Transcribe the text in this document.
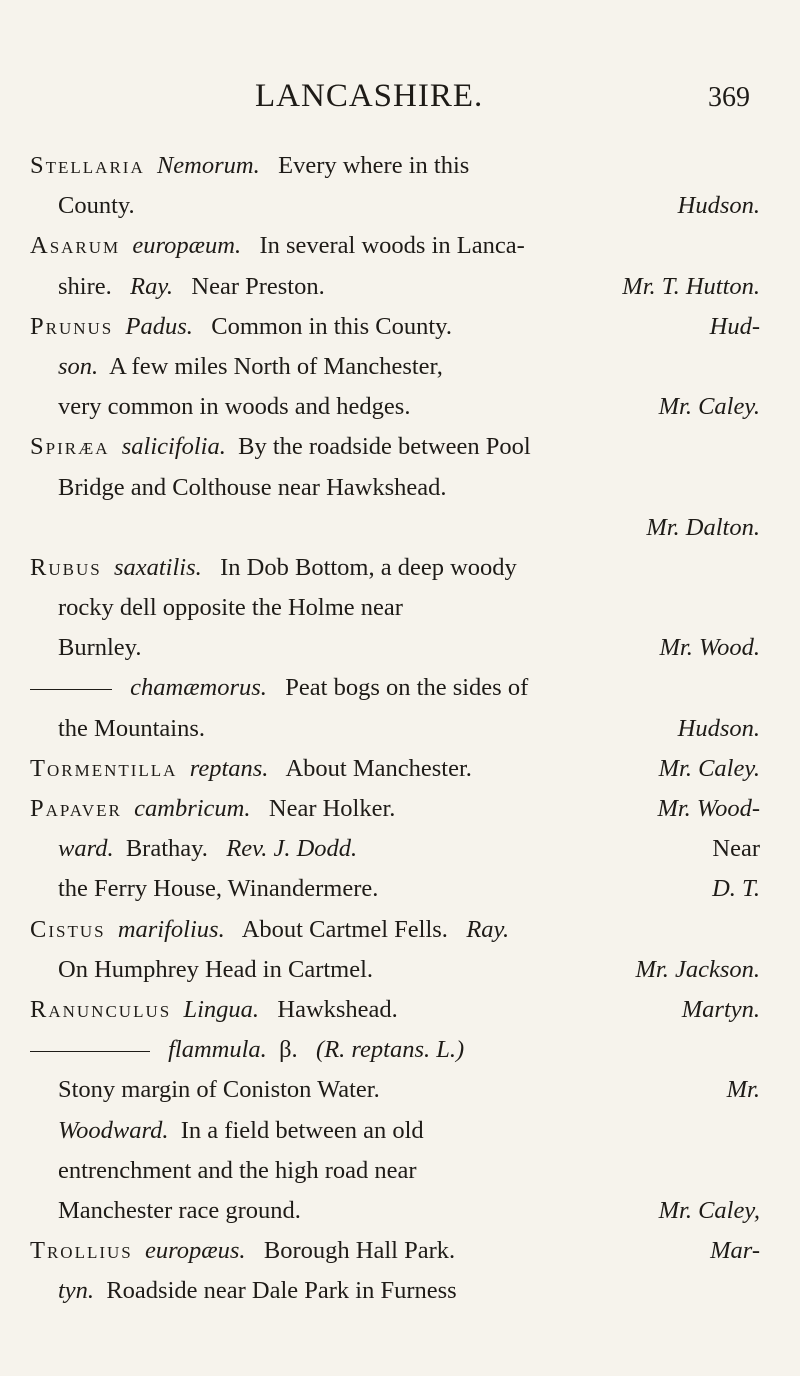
LANCASHIRE.	369
Stellaria Nemorum. Every where in this
County.	Hudson.
Asarum europæum. In several woods in Lanca-
shire. Ray. Near Preston.	Mr. T. Hutton.
Prunus Padus. Common in this County.	Hud-
son. A few miles North of Manchester,
very common in woods and hedges.	Mr. Caley.
Spiræa salicifolia. By the roadside between Pool
Bridge and Colthouse near Hawkshead.
Mr. Dalton.
Rubus saxatilis. In Dob Bottom, a deep woody
rocky dell opposite the Holme near
Burnley.	Mr. Wood.
chamæmorus. Peat bogs on the sides of
the Mountains.	Hudson.
Tormentilla reptans. About Manchester.	Mr. Caley.
Papaver cambricum. Near Holker.	Mr. Wood-
ward. Brathay. Rev. J. Dodd.	Near
the Ferry House, Winandermere.	D. T.
Cistus marifolius. About Cartmel Fells. Ray.
On Humphrey Head in Cartmel.	Mr. Jackson.
Ranunculus Lingua. Hawkshead.	Martyn.
flammula. β. (R. reptans. L.)
Stony margin of Coniston Water.	Mr.
Woodward. In a field between an old
entrenchment and the high road near
Manchester race ground.	Mr. Caley,
Trollius europæus. Borough Hall Park.	Mar-
tyn. Roadside near Dale Park in Furness
